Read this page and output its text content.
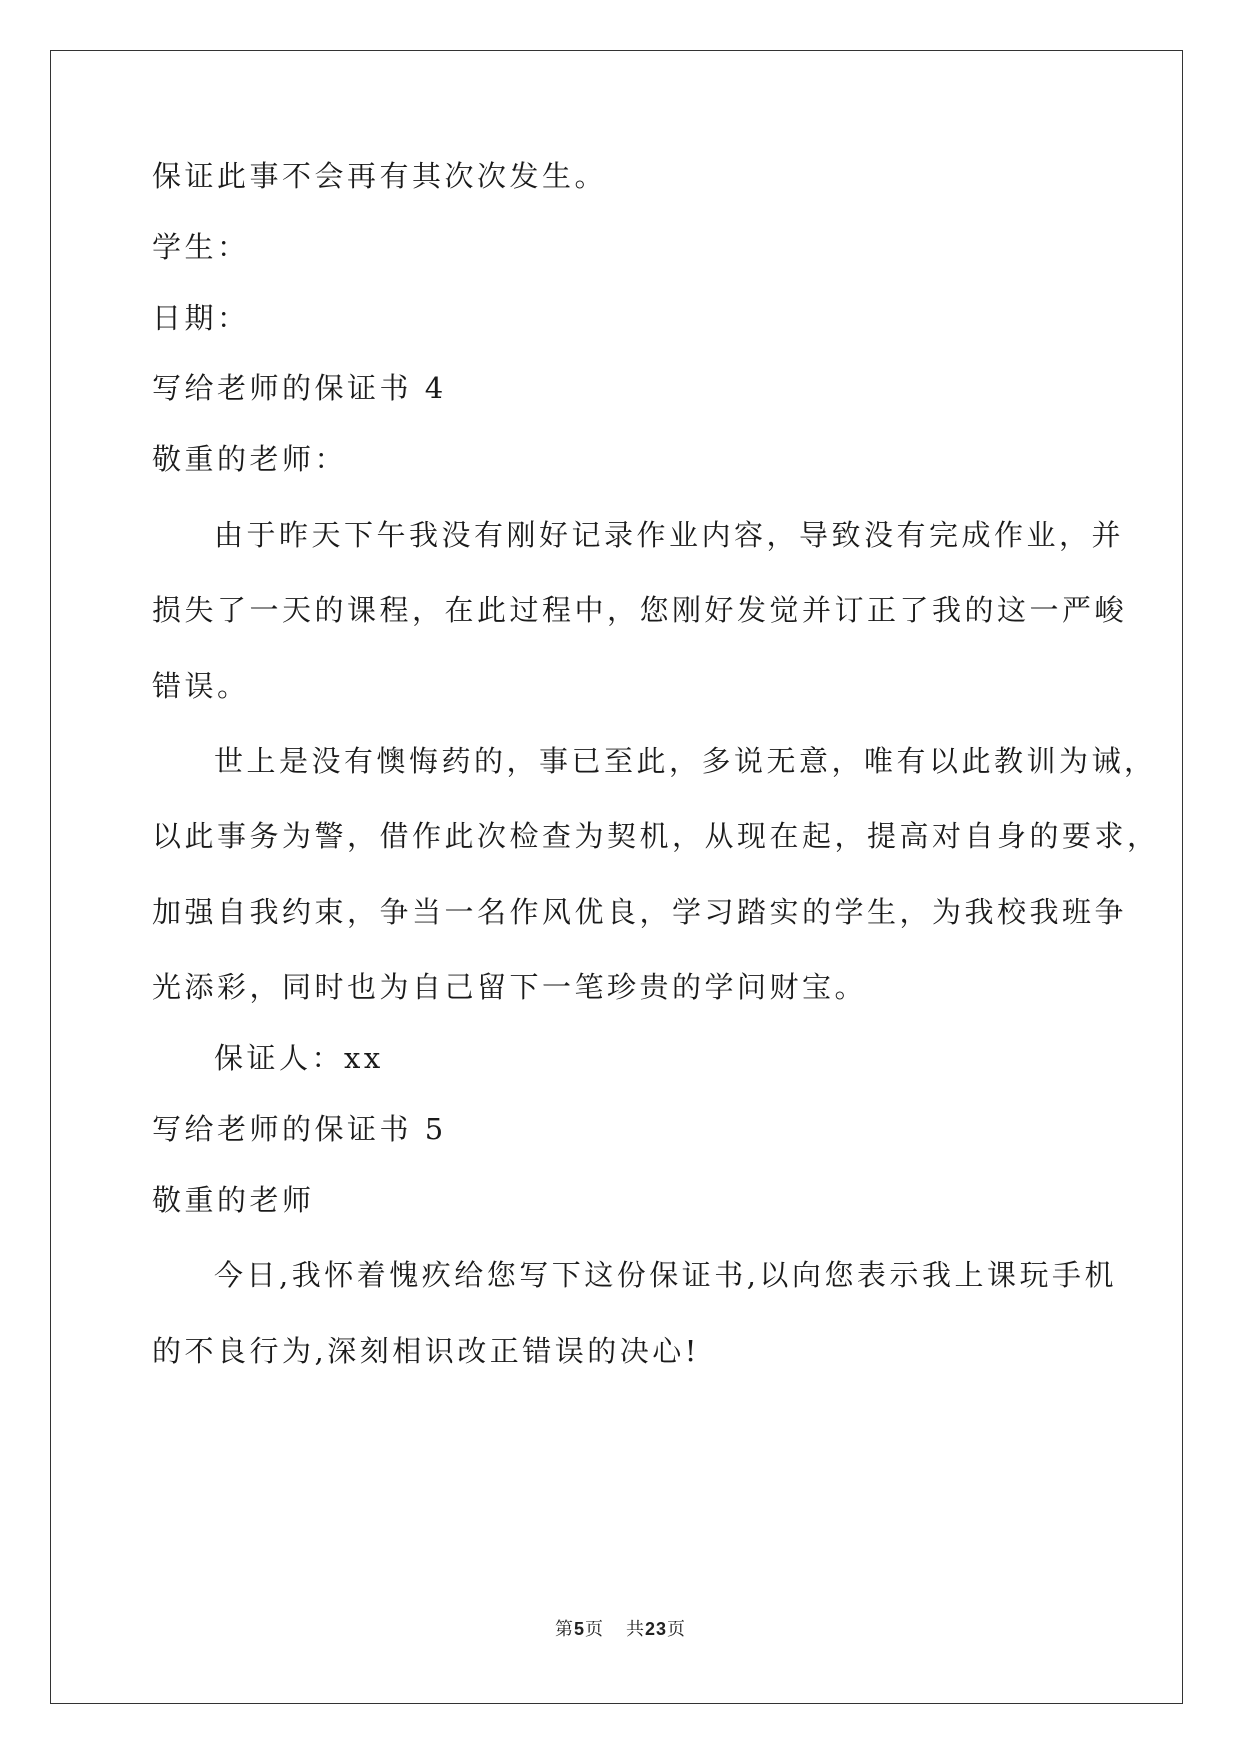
保证此事不会再有其次次发生。
学生：
日期：
写给老师的保证书 4
敬重的老师：
由于昨天下午我没有刚好记录作业内容，导致没有完成作业，并
损失了一天的课程，在此过程中，您刚好发觉并订正了我的这一严峻
错误。
世上是没有懊悔药的，事已至此，多说无意，唯有以此教训为诫，
以此事务为警，借作此次检查为契机，从现在起，提高对自身的要求，
加强自我约束，争当一名作风优良，学习踏实的学生，为我校我班争
光添彩，同时也为自己留下一笔珍贵的学问财宝。
保证人：xx
写给老师的保证书 5
敬重的老师
今日,我怀着愧疚给您写下这份保证书,以向您表示我上课玩手机
的不良行为,深刻相识改正错误的决心!
第5页 共23页
